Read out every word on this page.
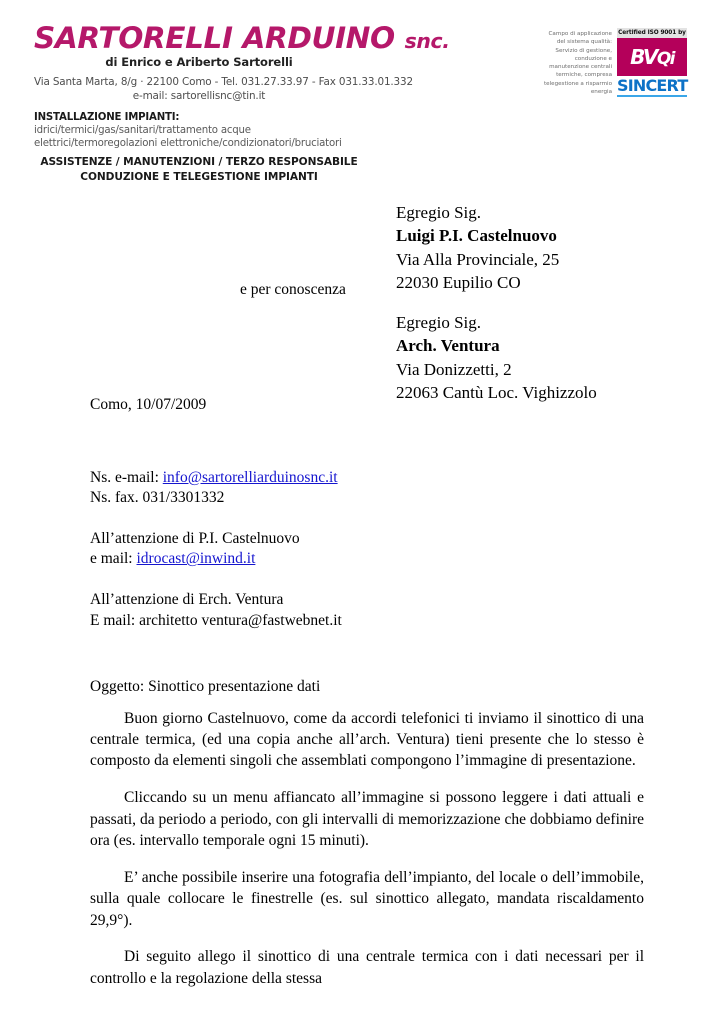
SARTORELLI ARDUINO snc.
di Enrico e Ariberto Sartorelli
Via Santa Marta, 8/g · 22100 Como - Tel. 031.27.33.97 - Fax 031.33.01.332
e-mail: sartorellisnc@tin.it
INSTALLAZIONE IMPIANTI: idrici/termici/gas/sanitari/trattamento acque
elettrici/termoregolazioni elettroniche/condizionatori/bruciatori
ASSISTENZE / MANUTENZIONI / TERZO RESPONSABILE
CONDUZIONE E TELEGESTIONE IMPIANTI
Campo di applicazione del sistema qualità: Servizio di gestione, conduzione e manutenzione centrali termiche, compresa telegestione a risparmio energia
Certified ISO 9001 by
BVQi
SINCERT
e per conoscenza
Egregio Sig.
Luigi P.I. Castelnuovo
Via Alla Provinciale, 25
22030 Eupilio CO
Egregio Sig.
Arch. Ventura
Via Donizzetti, 2
22063 Cantù Loc. Vighizzolo
Como, 10/07/2009
Ns. e-mail: info@sartorelliarduinosnc.it
Ns. fax. 031/3301332
All’attenzione di P.I. Castelnuovo
e mail: idrocast@inwind.it
All’attenzione di Erch. Ventura
E mail: architetto ventura@fastwebnet.it
Oggetto: Sinottico presentazione dati

Buon giorno Castelnuovo, come da accordi telefonici ti inviamo il sinottico di una centrale termica, (ed una copia anche all’arch. Ventura) tieni presente che lo stesso è composto da elementi singoli che assemblati compongono l’immagine di presentazione.

Cliccando su un menu affiancato all’immagine si possono leggere i dati attuali e passati, da periodo a periodo, con gli intervalli di memorizzazione che dobbiamo definire ora (es. intervallo temporale ogni 15 minuti).

E’ anche possibile inserire una fotografia dell’impianto, del locale o dell’immobile, sulla quale collocare le finestrelle (es. sul sinottico allegato, mandata riscaldamento 29,9°).

Di seguito allego il sinottico di una centrale termica con i dati necessari per il controllo e la regolazione della stessa
